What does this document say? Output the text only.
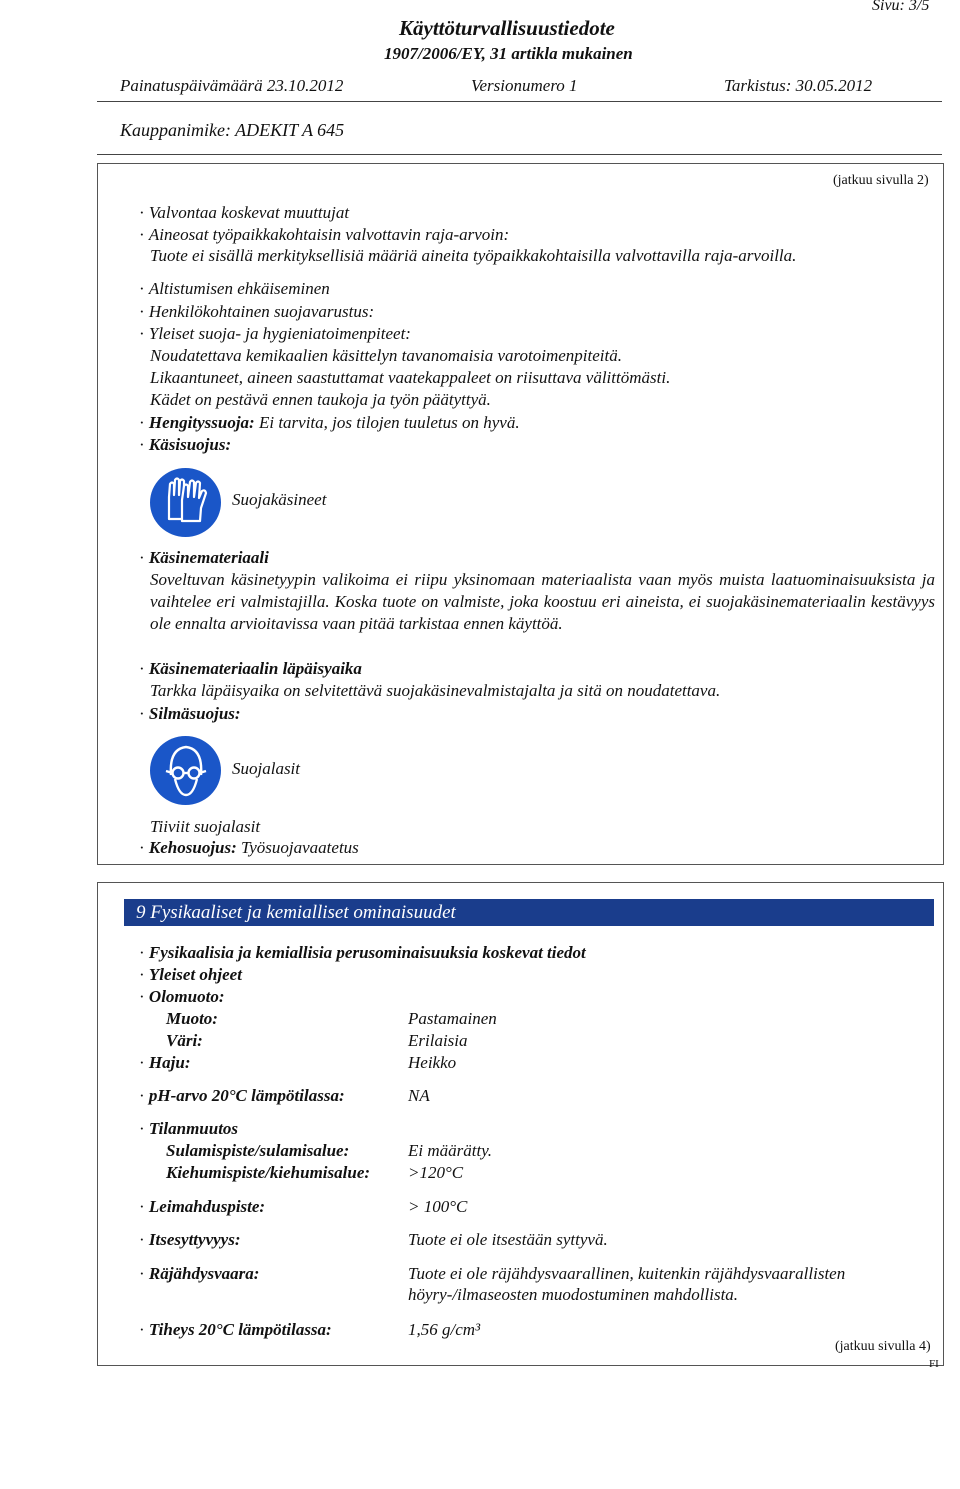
Sivu: 3/5
Käyttöturvallisuustiedote
1907/2006/EY, 31 artikla mukainen
Painatuspäivämäärä 23.10.2012	Versionumero 1	Tarkistus: 30.05.2012
Kauppanimike: ADEKIT A 645
(jatkuu sivulla 2)
· Valvontaa koskevat muuttujat
· Aineosat työpaikkakohtaisin valvottavin raja-arvoin:
Tuote ei sisällä merkityksellisiä määriä aineita työpaikkakohtaisilla valvottavilla raja-arvoilla.
· Altistumisen ehkäiseminen
· Henkilökohtainen suojavarustus:
· Yleiset suoja- ja hygieniatoimenpiteet:
Noudatettava kemikaalien käsittelyn tavanomaisia varotoimenpiteitä.
Likaantuneet, aineen saastuttamat vaatekappaleet on riisuttava välittömästi.
Kädet on pestävä ennen taukoja ja työn päätyttyä.
· Hengityssuoja: Ei tarvita, jos tilojen tuuletus on hyvä.
· Käsisuojus:
Suojakäsineet
· Käsinemateriaali
Soveltuvan käsinetyypin valikoima ei riipu yksinomaan materiaalista vaan myös muista laatuominaisuuksista ja vaihtelee eri valmistajilla. Koska tuote on valmiste, joka koostuu eri aineista, ei suojakäsinemateriaalin kestävyys ole ennalta arvioitavissa vaan pitää tarkistaa ennen käyttöä.
· Käsinemateriaalin läpäisyaika
Tarkka läpäisyaika on selvitettävä suojakäsinevalmistajalta ja sitä on noudatettava.
· Silmäsuojus:
Suojalasit
Tiiviit suojalasit
· Kehosuojus: Työsuojavaatetus
9 Fysikaaliset ja kemialliset ominaisuudet
· Fysikaalisia ja kemiallisia perusominaisuuksia koskevat tiedot
· Yleiset ohjeet
· Olomuoto:
Muoto:	Pastamainen
Väri:	Erilaisia
· Haju:	Heikko
· pH-arvo 20°C lämpötilassa:	NA
· Tilanmuutos
Sulamispiste/sulamisalue:	Ei määrätty.
Kiehumispiste/kiehumisalue: >120°C
· Leimahduspiste:	> 100°C
· Itsesyttyvyys:	Tuote ei ole itsestään syttyvä.
· Räjähdysvaara:	Tuote ei ole räjähdysvaarallinen, kuitenkin räjähdysvaarallisten
höyry-/ilmaseosten muodostuminen mahdollista.
· Tiheys 20°C lämpötilassa:	1,56 g/cm³
(jatkuu sivulla 4)
FI
